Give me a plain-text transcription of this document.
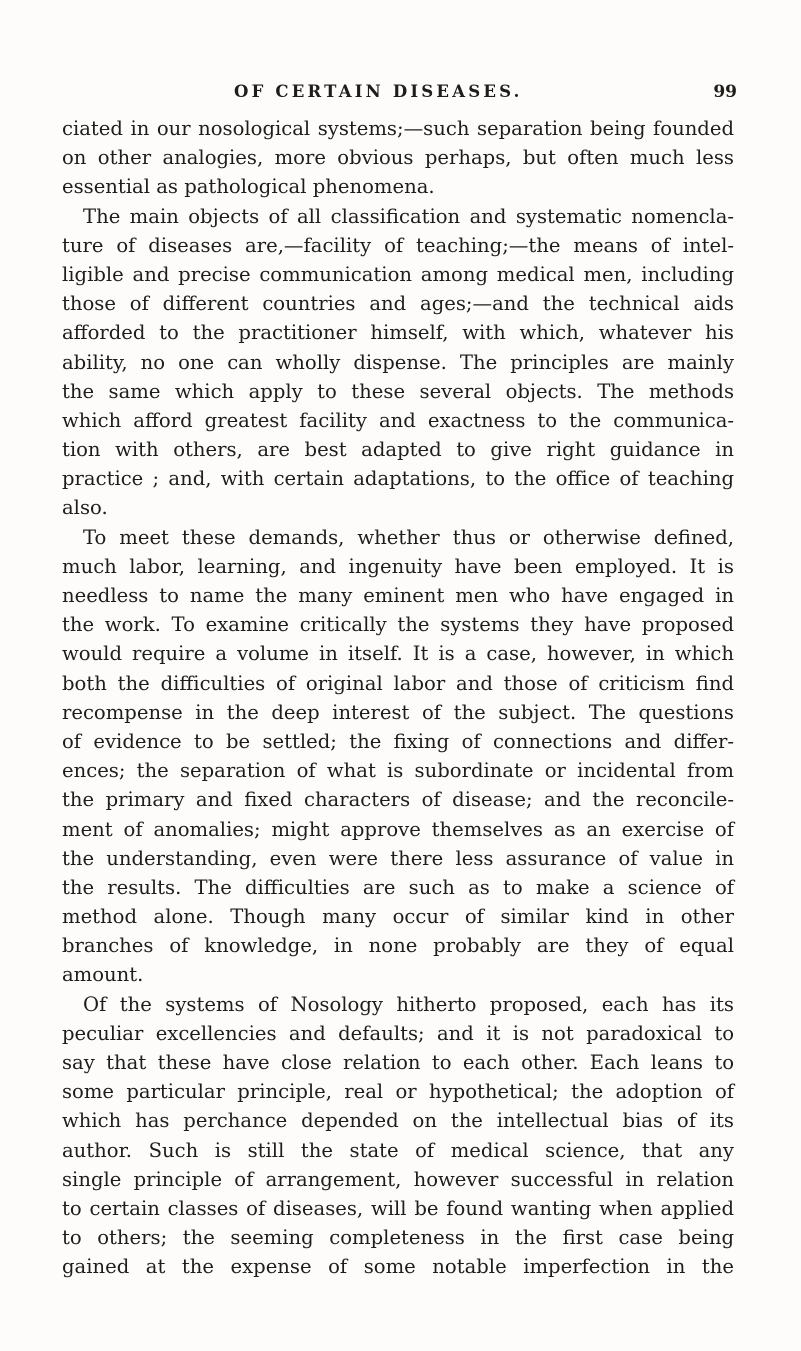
OF CERTAIN DISEASES.	99
ciated in our nosological systems;—such separation being founded
on other analogies, more obvious perhaps, but often much less
essential as pathological phenomena.
The main objects of all classification and systematic nomencla-
ture of diseases are,—facility of teaching;—the means of intel-
ligible and precise communication among medical men, including
those of different countries and ages;—and the technical aids
afforded to the practitioner himself, with which, whatever his
ability, no one can wholly dispense. The principles are mainly
the same which apply to these several objects. The methods
which afford greatest facility and exactness to the communica-
tion with others, are best adapted to give right guidance in
practice ; and, with certain adaptations, to the office of teaching
also.
To meet these demands, whether thus or otherwise defined,
much labor, learning, and ingenuity have been employed. It is
needless to name the many eminent men who have engaged in
the work. To examine critically the systems they have proposed
would require a volume in itself. It is a case, however, in which
both the difficulties of original labor and those of criticism find
recompense in the deep interest of the subject. The questions
of evidence to be settled; the fixing of connections and differ-
ences; the separation of what is subordinate or incidental from
the primary and fixed characters of disease; and the reconcile-
ment of anomalies; might approve themselves as an exercise of
the understanding, even were there less assurance of value in
the results. The difficulties are such as to make a science of
method alone. Though many occur of similar kind in other
branches of knowledge, in none probably are they of equal
amount.
Of the systems of Nosology hitherto proposed, each has its
peculiar excellencies and defaults; and it is not paradoxical to
say that these have close relation to each other. Each leans to
some particular principle, real or hypothetical; the adoption of
which has perchance depended on the intellectual bias of its
author. Such is still the state of medical science, that any
single principle of arrangement, however successful in relation
to certain classes of diseases, will be found wanting when applied
to others; the seeming completeness in the first case being
gained at the expense of some notable imperfection in the
